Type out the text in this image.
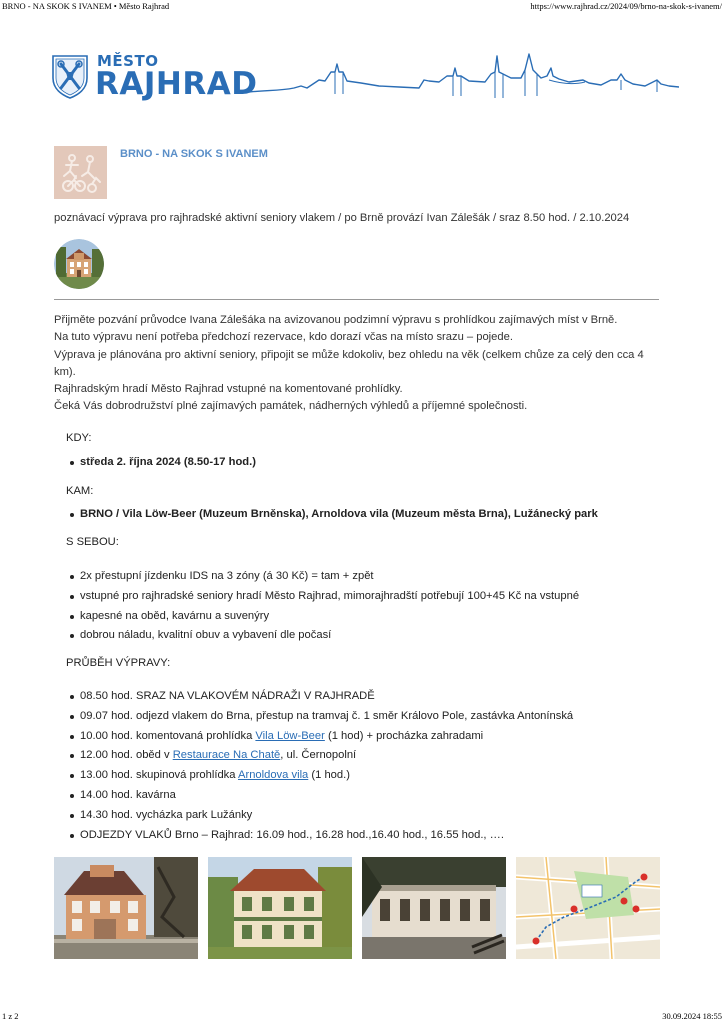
BRNO - NA SKOK S IVANEM • Město Rajhrad	https://www.rajhrad.cz/2024/09/brno-na-skok-s-ivanem/
MĚSTO
RAJHRAD
BRNO - NA SKOK S IVANEM
poznávací výprava pro rajhradské aktivní seniory vlakem / po Brně provází Ivan Zálešák / sraz 8.50 hod. / 2.10.2024
Přijměte pozvání průvodce Ivana Zálešáka na avizovanou podzimní výpravu s prohlídkou zajímavých míst v Brně.
Na tuto výpravu není potřeba předchozí rezervace, kdo dorazí včas na místo srazu – pojede.
Výprava je plánována pro aktivní seniory, připojit se může kdokoliv, bez ohledu na věk (celkem chůze za celý den cca 4 km).
Rajhradským hradí Město Rajhrad vstupné na komentované prohlídky.
Čeká Vás dobrodružství plné zajímavých památek, nádherných výhledů a příjemné společnosti.
KDY:
středa 2. října 2024 (8.50-17 hod.)
KAM:
BRNO / Vila Löw-Beer (Muzeum Brněnska), Arnoldova vila (Muzeum města Brna), Lužánecký park
S SEBOU:
2x přestupní jízdenku IDS na 3 zóny (á 30 Kč) = tam + zpět
vstupné pro rajhradské seniory hradí Město Rajhrad, mimorajhradští potřebují 100+45 Kč na vstupné
kapesné na oběd, kavárnu a suvenýry
dobrou náladu, kvalitní obuv a vybavení dle počasí
PRŮBĚH VÝPRAVY:
08.50 hod. SRAZ NA VLAKOVÉM NÁDRAŽI V RAJHRADĚ
09.07 hod. odjezd vlakem do Brna, přestup na tramvaj č. 1 směr Královo Pole, zastávka Antonínská
10.00 hod. komentovaná prohlídka Vila Löw-Beer (1 hod) + procházka zahradami
12.00 hod. oběd v Restaurace Na Chatě, ul. Černopolní
13.00 hod. skupinová prohlídka Arnoldova vila (1 hod.)
14.00 hod. kavárna
14.30 hod. vycházka park Lužánky
ODJEZDY VLAKŮ Brno – Rajhrad: 16.09 hod., 16.28 hod.,16.40 hod., 16.55 hod., ….
1 z 2	30.09.2024 18:55
